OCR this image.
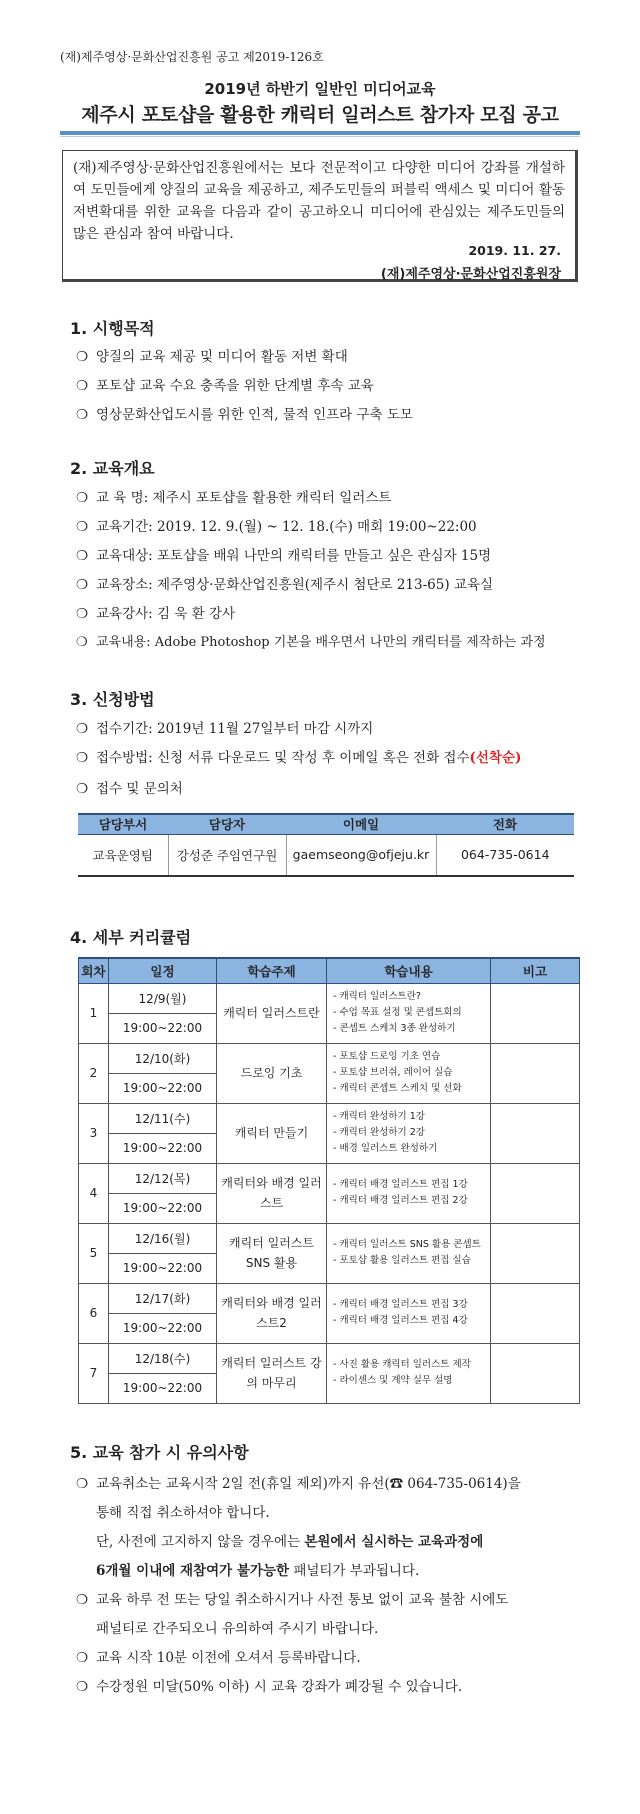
(재)제주영상·문화산업진흥원 공고 제2019-126호
2019년 하반기 일반인 미디어교육
제주시 포토샵을 활용한 캐릭터 일러스트 참가자 모집 공고

(재)제주영상·문화산업진흥원에서는 보다 전문적이고 다양한 미디어 강좌를 개설하여 도민들에게 양질의 교육을 제공하고, 제주도민들의 퍼블릭 액세스 및 미디어 활동 저변확대를 위한 교육을 다음과 같이 공고하오니 미디어에 관심있는 제주도민들의 많은 관심과 참여 바랍니다.

2019. 11. 27.
(재)제주영상·문화산업진흥원장
1. 시행목적
❍ 양질의 교육 제공 및 미디어 활동 저변 확대
❍ 포토샵 교육 수요 충족을 위한 단계별 후속 교육
❍ 영상문화산업도시를 위한 인적, 물적 인프라 구축 도모
2. 교육개요
❍ 교 육 명: 제주시 포토샵을 활용한 캐릭터 일러스트
❍ 교육기간: 2019. 12. 9.(월) ~ 12. 18.(수) 매회 19:00~22:00
❍ 교육대상: 포토샵을 배워 나만의 캐릭터를 만들고 싶은 관심자 15명
❍ 교육장소: 제주영상·문화산업진흥원(제주시 첨단로 213-65) 교육실
❍ 교육강사: 김 욱 환 강사
❍ 교육내용: Adobe Photoshop 기본을 배우면서 나만의 캐릭터를 제작하는 과정
3. 신청방법
❍ 접수기간: 2019년 11월 27일부터 마감 시까지
❍ 접수방법: 신청 서류 다운로드 및 작성 후 이메일 혹은 전화 접수(선착순)
❍ 접수 및 문의처
담당부서	담당자	이메일	전화
교육운영팀	강성준 주임연구원	gaemseong@ofjeju.kr	064-735-0614
4. 세부 커리큘럼
회차	일정	학습주제	학습내용	비고
1	12/9(월)	캐릭터 일러스트란	- 캐릭터 일러스트란?
- 수업 목표 설정 및 콘셉트회의
- 콘셉트 스케치 3종 완성하기	

	19:00~22:00			
2	12/10(화)	드로잉 기초	- 포토샵 드로잉 기초 연습
- 포토샵 브러쉬, 레이어 실습
- 캐릭터 콘셉트 스케치 및 선화	

	19:00~22:00			
3	12/11(수)	캐릭터 만들기	- 캐릭터 완성하기 1강
- 캐릭터 완성하기 2강
- 배경 일러스트 완성하기	

	19:00~22:00			
4	12/12(목)	캐릭터와 배경 일러스트	- 캐릭터 배경 일러스트 편집 1강
- 캐릭터 배경 일러스트 편집 2강	

	19:00~22:00			
5	12/16(월)	캐릭터 일러스트 SNS 활용	- 캐릭터 일러스트 SNS 활용 콘셉트
- 포토샵 활용 일러스트 편집 실습	

	19:00~22:00			
6	12/17(화)	캐릭터와 배경 일러스트2	- 캐릭터 배경 일러스트 편집 3강
- 캐릭터 배경 일러스트 편집 4강	

	19:00~22:00			
7	12/18(수)	캐릭터 일러스트 강의 마무리	- 사진 활용 캐릭터 일러스트 제작
- 라이센스 및 계약 실무 설명	

	19:00~22:00			
5. 교육 참가 시 유의사항
❍ 교육취소는 교육시작 2일 전(휴일 제외)까지 유선(☎ 064-735-0614)을
통해 직접 취소하셔야 합니다.
단, 사전에 고지하지 않을 경우에는 본원에서 실시하는 교육과정에
6개월 이내에 재참여가 불가능한 패널티가 부과됩니다.
❍ 교육 하루 전 또는 당일 취소하시거나 사전 통보 없이 교육 불참 시에도
패널티로 간주되오니 유의하여 주시기 바랍니다.
❍ 교육 시작 10분 이전에 오셔서 등록바랍니다.
❍ 수강정원 미달(50% 이하) 시 교육 강좌가 폐강될 수 있습니다.
